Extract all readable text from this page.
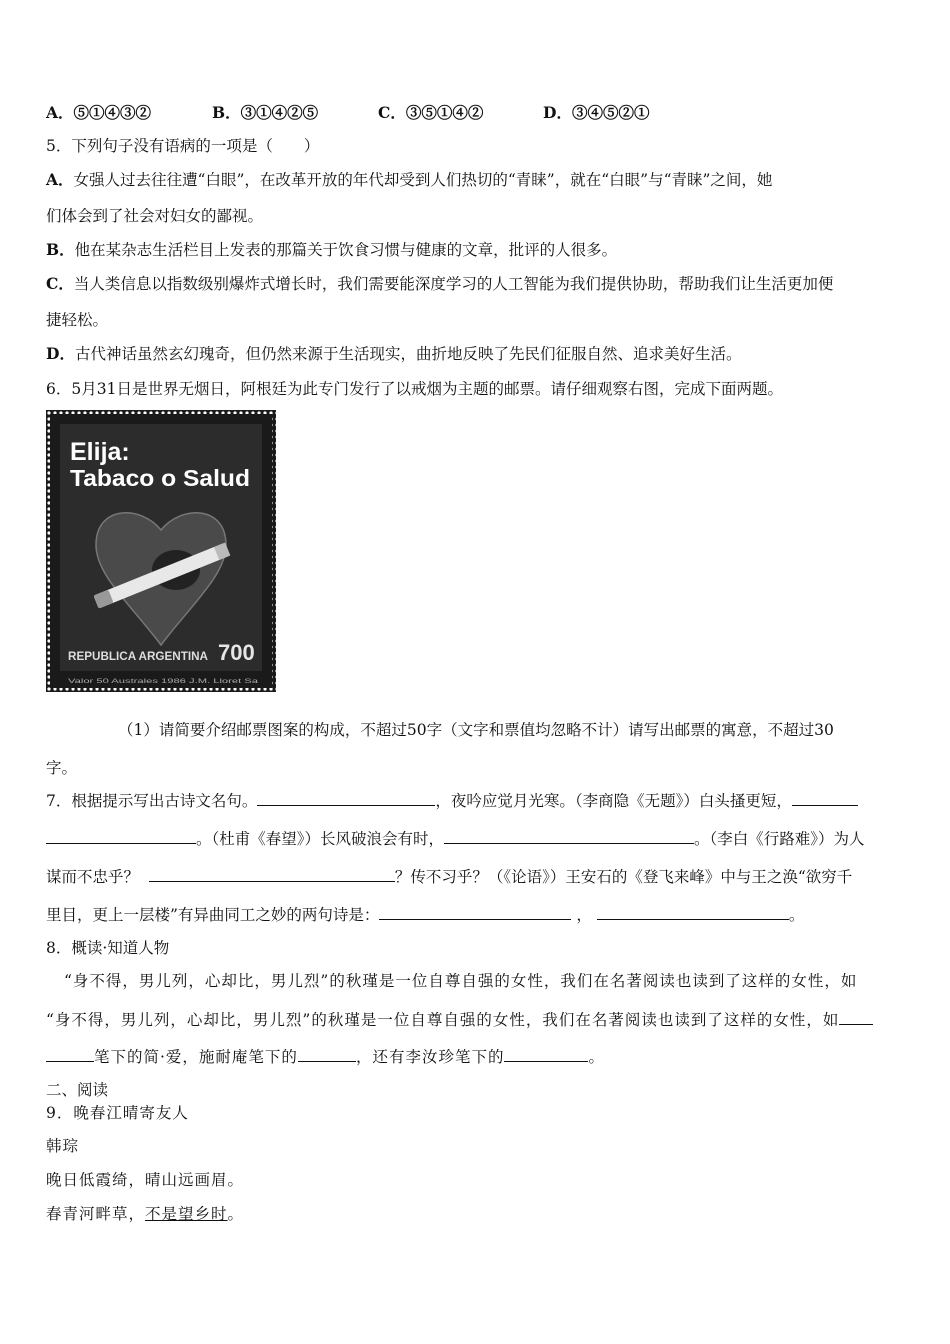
A．⑤①④③②	B．③①④②⑤	C．③⑤①④②	D．③④⑤②①
5．下列句子没有语病的一项是（　　）
A．女强人过去往往遭“白眼”，在改革开放的年代却受到人们热切的“青睐”，就在“白眼”与“青睐”之间，她
们体会到了社会对妇女的鄙视。
B．他在某杂志生活栏目上发表的那篇关于饮食习惯与健康的文章，批评的人很多。
C．当人类信息以指数级别爆炸式增长时，我们需要能深度学习的人工智能为我们提供协助，帮助我们让生活更加便
捷轻松。
D．古代神话虽然玄幻瑰奇，但仍然来源于生活现实，曲折地反映了先民们征服自然、追求美好生活。
6．5月31日是世界无烟日，阿根廷为此专门发行了以戒烟为主题的邮票。请仔细观察右图，完成下面两题。
Elija:
Tabaco o Salud
REPUBLICA ARGENTINA 700
Valor 50 Australes 1986 J.M. Lloret Sa
（1）请简要介绍邮票图案的构成，不超过50字（文字和票值均忽略不计）请写出邮票的寓意，不超过30
字。
7．根据提示写出古诗文名句。	，夜吟应觉月光寒。（李商隐《无题》）白头搔更短，
。（杜甫《春望》）长风破浪会有时，	。（李白《行路难》）为人
谋而不忠乎？	？传不习乎？（《论语》）王安石的《登飞来峰》中与王之涣“欲穷千
里目，更上一层楼”有异曲同工之妙的两句诗是：	，	。
8．概读·知道人物
“身不得，男儿列，心却比，男儿烈”的秋瑾是一位自尊自强的女性，我们在名著阅读也读到了这样的女性，如
“身不得，男儿列，心却比，男儿烈”的秋瑾是一位自尊自强的女性，我们在名著阅读也读到了这样的女性，如
笔下的简·爱，施耐庵笔下的	，还有李汝珍笔下的	。
二、阅读
9．晚春江晴寄友人
韩琮
晚日低霞绮，晴山远画眉。
春青河畔草，不是望乡时。
